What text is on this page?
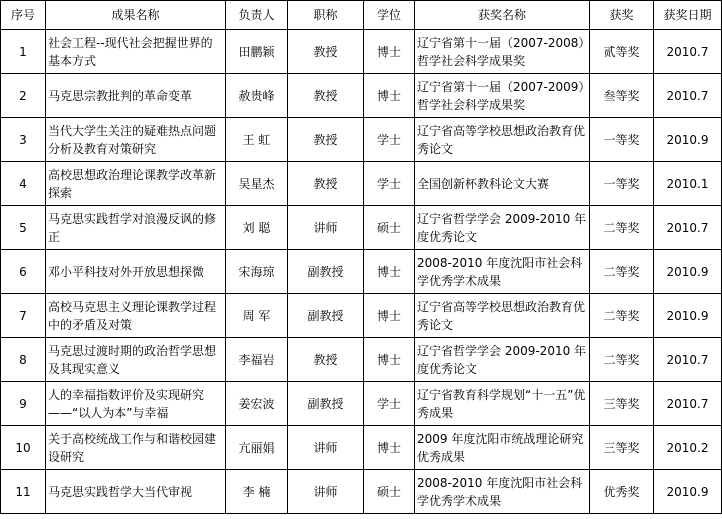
序号	成果名称	负责人	职称	学位	获奖名称	获奖	获奖日期
1	社会工程--现代社会把握世界的基本方式	田鹏颖	教授	博士	辽宁省第十一届（2007-2008）哲学社会科学成果奖	贰等奖	2010.7
2	马克思宗教批判的革命变革	赦贵峰	教授	博士	辽宁省第十一届（2007-2009）哲学社会科学成果奖	叁等奖	2010.7
3	当代大学生关注的疑难热点问题分析及教育对策研究	王 虹	教授	学士	辽宁省高等学校思想政治教育优秀论文	一等奖	2010.9
4	高校思想政治理论课教学改革新探索	吴星杰	教授	学士	全国创新杯教科论文大赛	一等奖	2010.1
5	马克思实践哲学对浪漫反讽的修正	刘 聪	讲师	硕士	辽宁省哲学学会 2009-2010 年度优秀论文	二等奖	2010.7
6	邓小平科技对外开放思想探微	宋海琼	副教授	博士	2008-2010 年度沈阳市社会科学优秀学术成果	二等奖	2010.9
7	高校马克思主义理论课教学过程中的矛盾及对策	周 军	副教授	博士	辽宁省高等学校思想政治教育优秀论文	二等奖	2010.9
8	马克思过渡时期的政治哲学思想及其现实意义	李福岩	教授	博士	辽宁省哲学学会 2009-2010 年度优秀论文	二等奖	2010.7
9	人的幸福指数评价及实现研究——“以人为本”与幸福	姜宏波	副教授	学士	辽宁省教育科学规划“十一五”优秀成果	三等奖	2010.7
10	关于高校统战工作与和谐校园建设研究	亢丽娟	讲师	博士	2009 年度沈阳市统战理论研究优秀成果	三等奖	2010.2
11	马克思实践哲学大当代审视	李 楠	讲师	硕士	2008-2010 年度沈阳市社会科学优秀学术成果	优秀奖	2010.9
